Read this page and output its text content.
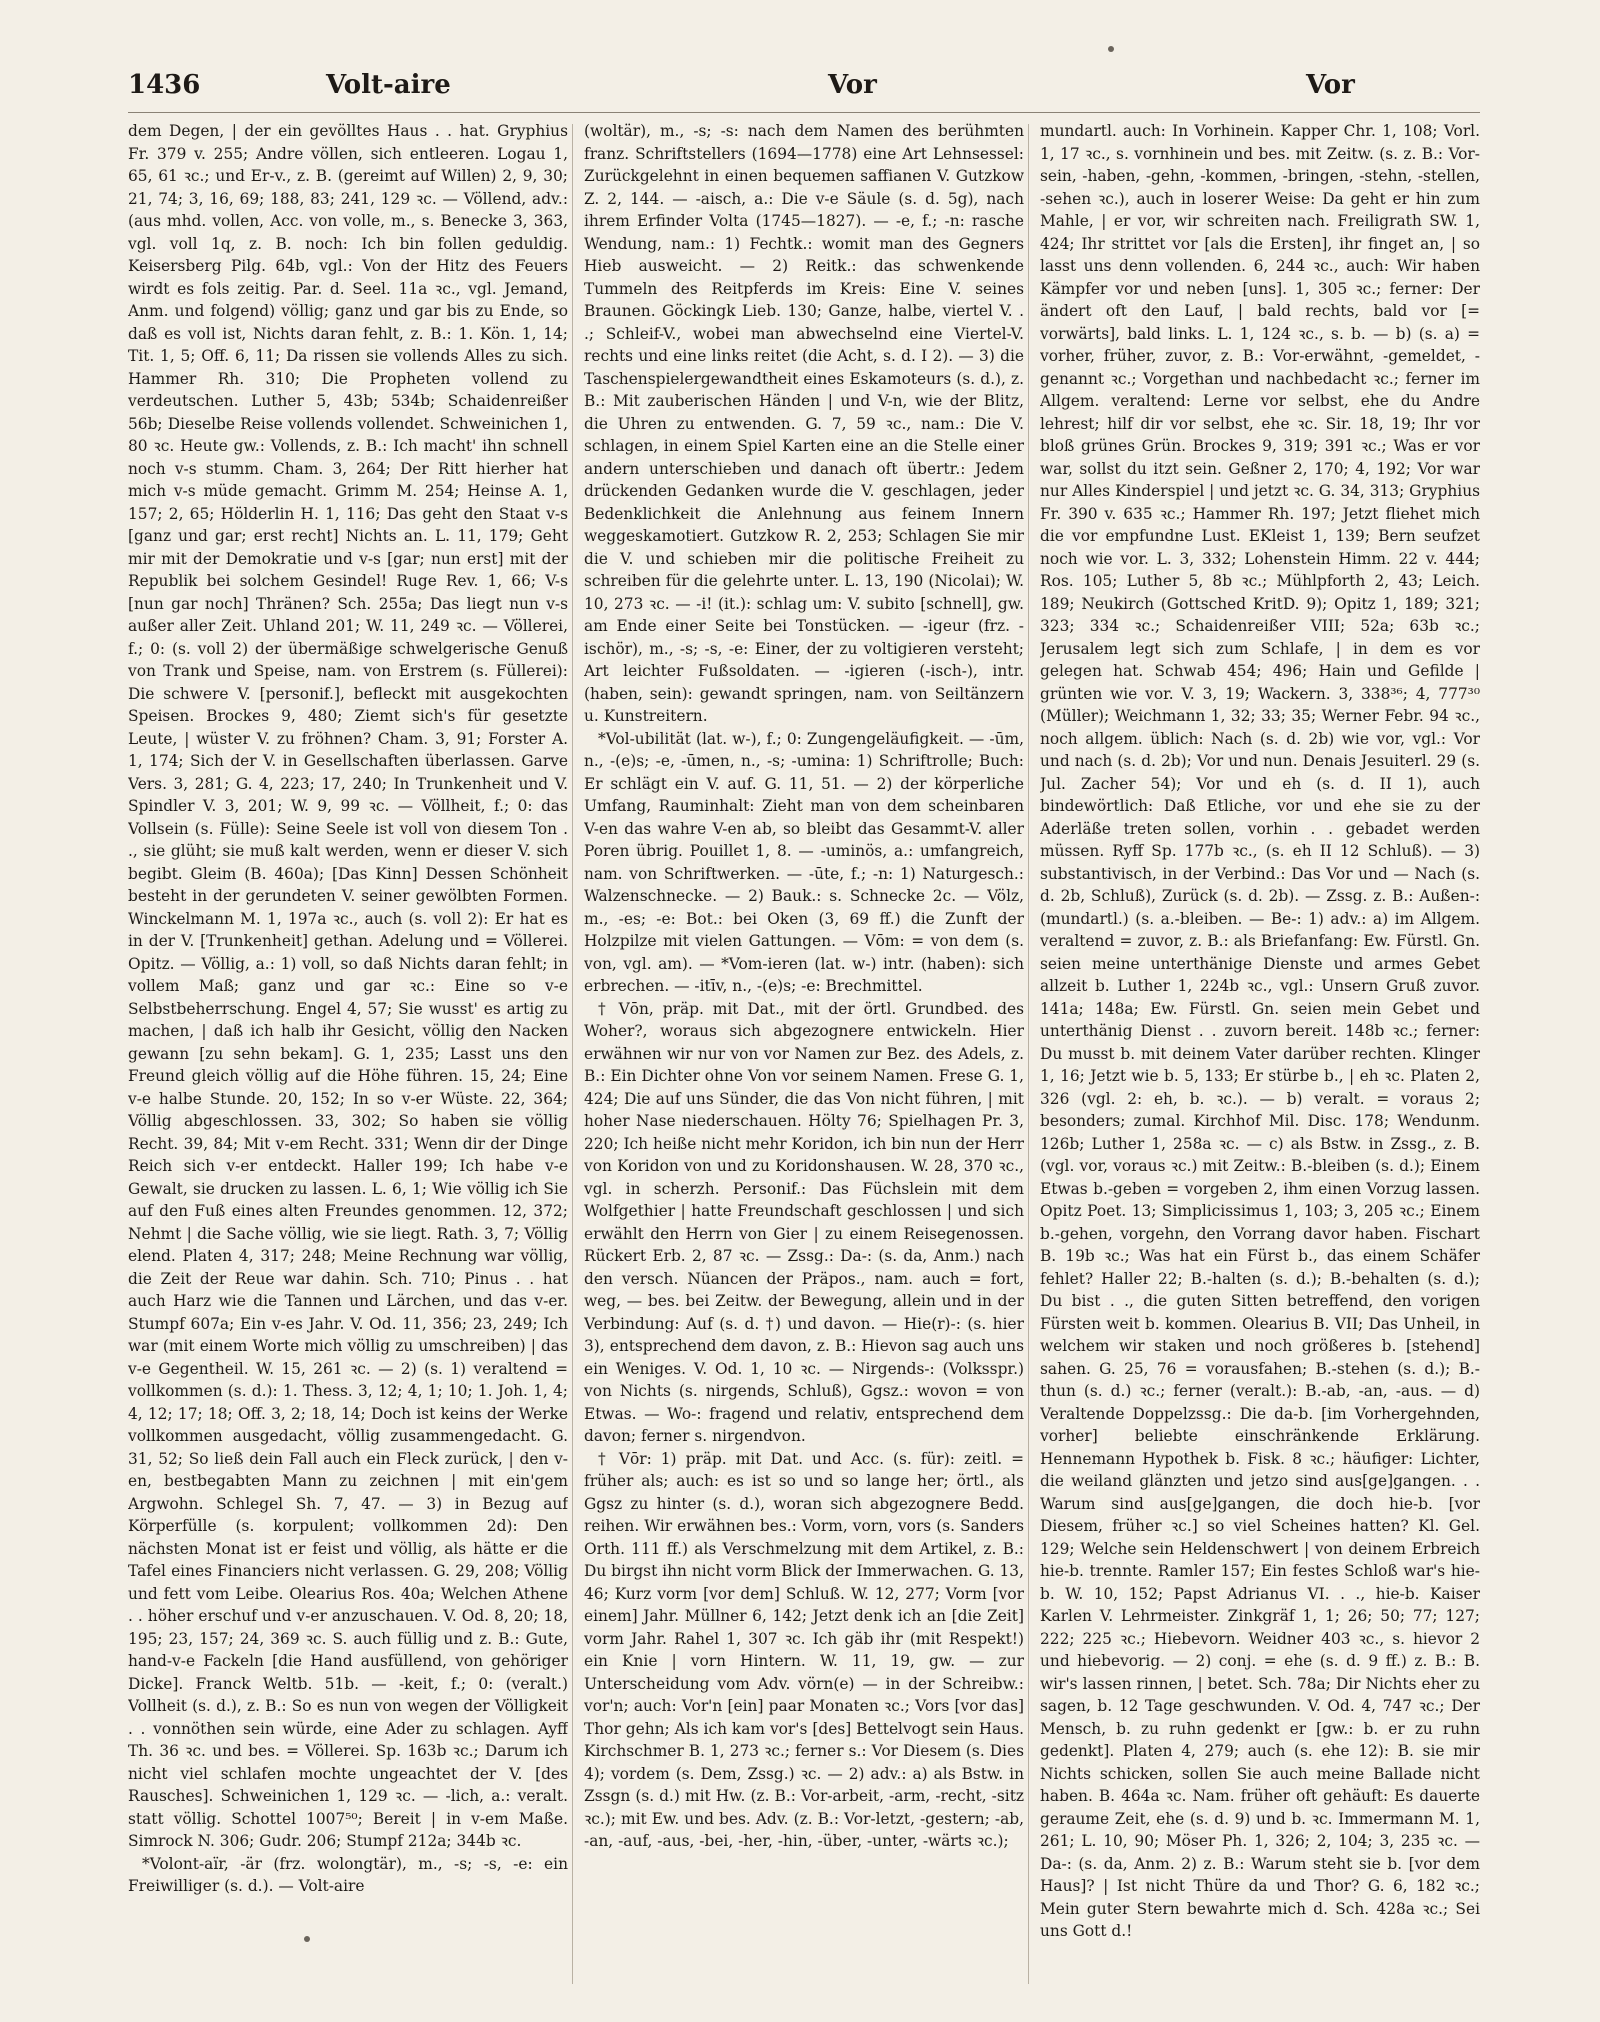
1436	Volt-aire	Vor	Vor

dem Degen, | der ein gevölltes Haus . . hat. Gryphius Fr. 379 v. 255; Andre völlen, sich entleeren. Logau 1, 65, 61 ꝛc.; und Er-v., z. B. (gereimt auf Willen) 2, 9, 30; 21, 74; 3, 16, 69; 188, 83; 241, 129 ꝛc. — Völlend, adv.: (aus mhd. vollen, Acc. von volle, m., s. Benecke 3, 363, vgl. voll 1q, z. B. noch: Ich bin follen geduldig. Keisersberg Pilg. 64b, vgl.: Von der Hitz des Feuers wirdt es fols zeitig. Par. d. Seel. 11a ꝛc., vgl. Jemand, Anm. und folgend) völlig; ganz und gar bis zu Ende, so daß es voll ist, Nichts daran fehlt, z. B.: 1. Kön. 1, 14; Tit. 1, 5; Off. 6, 11; Da rissen sie vollends Alles zu sich. Hammer Rh. 310; Die Propheten vollend zu verdeutschen. Luther 5, 43b; 534b; Schaidenreißer 56b; Dieselbe Reise vollends vollendet. Schweinichen 1, 80 ꝛc. Heute gw.: Vollends, z. B.: Ich macht' ihn schnell noch v-s stumm. Cham. 3, 264; Der Ritt hierher hat mich v-s müde gemacht. Grimm M. 254; Heinse A. 1, 157; 2, 65; Hölderlin H. 1, 116; Das geht den Staat v-s [ganz und gar; erst recht] Nichts an. L. 11, 179; Geht mir mit der Demokratie und v-s [gar; nun erst] mit der Republik bei solchem Gesindel! Ruge Rev. 1, 66; V-s [nun gar noch] Thränen? Sch. 255a; Das liegt nun v-s außer aller Zeit. Uhland 201; W. 11, 249 ꝛc. — Völlerei, f.; 0: (s. voll 2) der übermäßige schwelgerische Genuß von Trank und Speise, nam. von Erstrem (s. Füllerei): Die schwere V. [personif.], befleckt mit ausgekochten Speisen. Brockes 9, 480; Ziemt sich's für gesetzte Leute, | wüster V. zu fröhnen? Cham. 3, 91; Forster A. 1, 174; Sich der V. in Gesellschaften überlassen. Garve Vers. 3, 281; G. 4, 223; 17, 240; In Trunkenheit und V. Spindler V. 3, 201; W. 9, 99 ꝛc. — Völlheit, f.; 0: das Vollsein (s. Fülle): Seine Seele ist voll von diesem Ton . ., sie glüht; sie muß kalt werden, wenn er dieser V. sich begibt. Gleim (B. 460a); [Das Kinn] Dessen Schönheit besteht in der gerundeten V. seiner gewölbten Formen. Winckelmann M. 1, 197a ꝛc., auch (s. voll 2): Er hat es in der V. [Trunkenheit] gethan. Adelung und = Völlerei. Opitz. — Völlig, a.: 1) voll, so daß Nichts daran fehlt; in vollem Maß; ganz und gar ꝛc.: Eine so v-e Selbstbeherrschung. Engel 4, 57; Sie wusst' es artig zu machen, | daß ich halb ihr Gesicht, völlig den Nacken gewann [zu sehn bekam]. G. 1, 235; Lasst uns den Freund gleich völlig auf die Höhe führen. 15, 24; Eine v-e halbe Stunde. 20, 152; In so v-er Wüste. 22, 364; Völlig abgeschlossen. 33, 302; So haben sie völlig Recht. 39, 84; Mit v-em Recht. 331; Wenn dir der Dinge Reich sich v-er entdeckt. Haller 199; Ich habe v-e Gewalt, sie drucken zu lassen. L. 6, 1; Wie völlig ich Sie auf den Fuß eines alten Freundes genommen. 12, 372; Nehmt | die Sache völlig, wie sie liegt. Rath. 3, 7; Völlig elend. Platen 4, 317; 248; Meine Rechnung war völlig, die Zeit der Reue war dahin. Sch. 710; Pinus . . hat auch Harz wie die Tannen und Lärchen, und das v-er. Stumpf 607a; Ein v-es Jahr. V. Od. 11, 356; 23, 249; Ich war (mit einem Worte mich völlig zu umschreiben) | das v-e Gegentheil. W. 15, 261 ꝛc. — 2) (s. 1) veraltend = vollkommen (s. d.): 1. Thess. 3, 12; 4, 1; 10; 1. Joh. 1, 4; 4, 12; 17; 18; Off. 3, 2; 18, 14; Doch ist keins der Werke vollkommen ausgedacht, völlig zusammengedacht. G. 31, 52; So ließ dein Fall auch ein Fleck zurück, | den v-en, bestbegabten Mann zu zeichnen | mit ein'gem Argwohn. Schlegel Sh. 7, 47. — 3) in Bezug auf Körperfülle (s. korpulent; vollkommen 2d): Den nächsten Monat ist er feist und völlig, als hätte er die Tafel eines Financiers nicht verlassen. G. 29, 208; Völlig und fett vom Leibe. Olearius Ros. 40a; Welchen Athene . . höher erschuf und v-er anzuschauen. V. Od. 8, 20; 18, 195; 23, 157; 24, 369 ꝛc. S. auch füllig und z. B.: Gute, hand-v-e Fackeln [die Hand ausfüllend, von gehöriger Dicke]. Franck Weltb. 51b. — -keit, f.; 0: (veralt.) Vollheit (s. d.), z. B.: So es nun von wegen der Völligkeit . . vonnöthen sein würde, eine Ader zu schlagen. Ayff Th. 36 ꝛc. und bes. = Völlerei. Sp. 163b ꝛc.; Darum ich nicht viel schlafen mochte ungeachtet der V. [des Rausches]. Schweinichen 1, 129 ꝛc. — -lich, a.: veralt. statt völlig. Schottel 1007⁵⁰; Bereit | in v-em Maße. Simrock N. 306; Gudr. 206; Stumpf 212a; 344b ꝛc.

*Volont-aïr, -är (frz. wolongtär), m., -s; -s, -e: ein Freiwilliger (s. d.). — Volt-aire

(woltär), m., -s; -s: nach dem Namen des berühmten franz. Schriftstellers (1694—1778) eine Art Lehnsessel: Zurückgelehnt in einen bequemen saffianen V. Gutzkow Z. 2, 144. — -aisch, a.: Die v-e Säule (s. d. 5g), nach ihrem Erfinder Volta (1745—1827). — -e, f.; -n: rasche Wendung, nam.: 1) Fechtk.: womit man des Gegners Hieb ausweicht. — 2) Reitk.: das schwenkende Tummeln des Reitpferds im Kreis: Eine V. seines Braunen. Göckingk Lieb. 130; Ganze, halbe, viertel V. . .; Schleif-V., wobei man abwechselnd eine Viertel-V. rechts und eine links reitet (die Acht, s. d. I 2). — 3) die Taschenspielergewandtheit eines Eskamoteurs (s. d.), z. B.: Mit zauberischen Händen | und V-n, wie der Blitz, die Uhren zu entwenden. G. 7, 59 ꝛc., nam.: Die V. schlagen, in einem Spiel Karten eine an die Stelle einer andern unterschieben und danach oft übertr.: Jedem drückenden Gedanken wurde die V. geschlagen, jeder Bedenklichkeit die Anlehnung aus feinem Innern weggeskamotiert. Gutzkow R. 2, 253; Schlagen Sie mir die V. und schieben mir die politische Freiheit zu schreiben für die gelehrte unter. L. 13, 190 (Nicolai); W. 10, 273 ꝛc. — -i! (it.): schlag um: V. subito [schnell], gw. am Ende einer Seite bei Tonstücken. — -igeur (frz. -ischör), m., -s; -s, -e: Einer, der zu voltigieren versteht; Art leichter Fußsoldaten. — -igieren (-isch-), intr. (haben, sein): gewandt springen, nam. von Seiltänzern u. Kunstreitern.

*Vol-ubilität (lat. w-), f.; 0: Zungengeläufigkeit. — -ūm, n., -(e)s; -e, -ūmen, n., -s; -umina: 1) Schriftrolle; Buch: Er schlägt ein V. auf. G. 11, 51. — 2) der körperliche Umfang, Rauminhalt: Zieht man von dem scheinbaren V-en das wahre V-en ab, so bleibt das Gesammt-V. aller Poren übrig. Pouillet 1, 8. — -uminös, a.: umfangreich, nam. von Schriftwerken. — -ūte, f.; -n: 1) Naturgesch.: Walzenschnecke. — 2) Bauk.: s. Schnecke 2c. — Völz, m., -es; -e: Bot.: bei Oken (3, 69 ff.) die Zunft der Holzpilze mit vielen Gattungen. — Vōm: = von dem (s. von, vgl. am). — *Vom-ieren (lat. w-) intr. (haben): sich erbrechen. — -itīv, n., -(e)s; -e: Brechmittel.

† Vōn, präp. mit Dat., mit der örtl. Grundbed. des Woher?, woraus sich abgezognere entwickeln. Hier erwähnen wir nur von vor Namen zur Bez. des Adels, z. B.: Ein Dichter ohne Von vor seinem Namen. Frese G. 1, 424; Die auf uns Sünder, die das Von nicht führen, | mit hoher Nase niederschauen. Hölty 76; Spielhagen Pr. 3, 220; Ich heiße nicht mehr Koridon, ich bin nun der Herr von Koridon von und zu Koridonshausen. W. 28, 370 ꝛc., vgl. in scherzh. Personif.: Das Füchslein mit dem Wolfgethier | hatte Freundschaft geschlossen | und sich erwählt den Herrn von Gier | zu einem Reisegenossen. Rückert Erb. 2, 87 ꝛc. — Zssg.: Da-: (s. da, Anm.) nach den versch. Nüancen der Präpos., nam. auch = fort, weg, — bes. bei Zeitw. der Bewegung, allein und in der Verbindung: Auf (s. d. †) und davon. — Hie(r)-: (s. hier 3), entsprechend dem davon, z. B.: Hievon sag auch uns ein Weniges. V. Od. 1, 10 ꝛc. — Nirgends-: (Volksspr.) von Nichts (s. nirgends, Schluß), Ggsz.: wovon = von Etwas. — Wo-: fragend und relativ, entsprechend dem davon; ferner s. nirgendvon.

† Vōr: 1) präp. mit Dat. und Acc. (s. für): zeitl. = früher als; auch: es ist so und so lange her; örtl., als Ggsz zu hinter (s. d.), woran sich abgezognere Bedd. reihen. Wir erwähnen bes.: Vorm, vorn, vors (s. Sanders Orth. 111 ff.) als Verschmelzung mit dem Artikel, z. B.: Du birgst ihn nicht vorm Blick der Immerwachen. G. 13, 46; Kurz vorm [vor dem] Schluß. W. 12, 277; Vorm [vor einem] Jahr. Müllner 6, 142; Jetzt denk ich an [die Zeit] vorm Jahr. Rahel 1, 307 ꝛc. Ich gäb ihr (mit Respekt!) ein Knie | vorn Hintern. W. 11, 19, gw. — zur Unterscheidung vom Adv. vörn(e) — in der Schreibw.: vor'n; auch: Vor'n [ein] paar Monaten ꝛc.; Vors [vor das] Thor gehn; Als ich kam vor's [des] Bettelvogt sein Haus. Kirchschmer B. 1, 273 ꝛc.; ferner s.: Vor Diesem (s. Dies 4); vordem (s. Dem, Zssg.) ꝛc. — 2) adv.: a) als Bstw. in Zssgn (s. d.) mit Hw. (z. B.: Vor-arbeit, -arm, -recht, -sitz ꝛc.); mit Ew. und bes. Adv. (z. B.: Vor-letzt, -gestern; -ab, -an, -auf, -aus, -bei, -her, -hin, -über, -unter, -wärts ꝛc.);

mundartl. auch: In Vorhinein. Kapper Chr. 1, 108; Vorl. 1, 17 ꝛc., s. vornhinein und bes. mit Zeitw. (s. z. B.: Vor-sein, -haben, -gehn, -kommen, -bringen, -stehn, -stellen, -sehen ꝛc.), auch in loserer Weise: Da geht er hin zum Mahle, | er vor, wir schreiten nach. Freiligrath SW. 1, 424; Ihr strittet vor [als die Ersten], ihr finget an, | so lasst uns denn vollenden. 6, 244 ꝛc., auch: Wir haben Kämpfer vor und neben [uns]. 1, 305 ꝛc.; ferner: Der ändert oft den Lauf, | bald rechts, bald vor [= vorwärts], bald links. L. 1, 124 ꝛc., s. b. — b) (s. a) = vorher, früher, zuvor, z. B.: Vor-erwähnt, -gemeldet, -genannt ꝛc.; Vorgethan und nachbedacht ꝛc.; ferner im Allgem. veraltend: Lerne vor selbst, ehe du Andre lehrest; hilf dir vor selbst, ehe ꝛc. Sir. 18, 19; Ihr vor bloß grünes Grün. Brockes 9, 319; 391 ꝛc.; Was er vor war, sollst du itzt sein. Geßner 2, 170; 4, 192; Vor war nur Alles Kinderspiel | und jetzt ꝛc. G. 34, 313; Gryphius Fr. 390 v. 635 ꝛc.; Hammer Rh. 197; Jetzt fliehet mich die vor empfundne Lust. EKleist 1, 139; Bern seufzet noch wie vor. L. 3, 332; Lohenstein Himm. 22 v. 444; Ros. 105; Luther 5, 8b ꝛc.; Mühlpforth 2, 43; Leich. 189; Neukirch (Gottsched KritD. 9); Opitz 1, 189; 321; 323; 334 ꝛc.; Schaidenreißer VIII; 52a; 63b ꝛc.; Jerusalem legt sich zum Schlafe, | in dem es vor gelegen hat. Schwab 454; 496; Hain und Gefilde | grünten wie vor. V. 3, 19; Wackern. 3, 338³⁶; 4, 777³⁰ (Müller); Weichmann 1, 32; 33; 35; Werner Febr. 94 ꝛc., noch allgem. üblich: Nach (s. d. 2b) wie vor, vgl.: Vor und nach (s. d. 2b); Vor und nun. Denais Jesuiterl. 29 (s. Jul. Zacher 54); Vor und eh (s. d. II 1), auch bindewörtlich: Daß Etliche, vor und ehe sie zu der Aderläße treten sollen, vorhin . . gebadet werden müssen. Ryff Sp. 177b ꝛc., (s. eh II 12 Schluß). — 3) substantivisch, in der Verbind.: Das Vor und — Nach (s. d. 2b, Schluß), Zurück (s. d. 2b). — Zssg. z. B.: Außen-: (mundartl.) (s. a.-bleiben. — Be-: 1) adv.: a) im Allgem. veraltend = zuvor, z. B.: als Briefanfang: Ew. Fürstl. Gn. seien meine unterthänige Dienste und armes Gebet allzeit b. Luther 1, 224b ꝛc., vgl.: Unsern Gruß zuvor. 141a; 148a; Ew. Fürstl. Gn. seien mein Gebet und unterthänig Dienst . . zuvorn bereit. 148b ꝛc.; ferner: Du musst b. mit deinem Vater darüber rechten. Klinger 1, 16; Jetzt wie b. 5, 133; Er stürbe b., | eh ꝛc. Platen 2, 326 (vgl. 2: eh, b. ꝛc.). — b) veralt. = voraus 2; besonders; zumal. Kirchhof Mil. Disc. 178; Wendunm. 126b; Luther 1, 258a ꝛc. — c) als Bstw. in Zssg., z. B. (vgl. vor, voraus ꝛc.) mit Zeitw.: B.-bleiben (s. d.); Einem Etwas b.-geben = vorgeben 2, ihm einen Vorzug lassen. Opitz Poet. 13; Simplicissimus 1, 103; 3, 205 ꝛc.; Einem b.-gehen, vorgehn, den Vorrang davor haben. Fischart B. 19b ꝛc.; Was hat ein Fürst b., das einem Schäfer fehlet? Haller 22; B.-halten (s. d.); B.-behalten (s. d.); Du bist . ., die guten Sitten betreffend, den vorigen Fürsten weit b. kommen. Olearius B. VII; Das Unheil, in welchem wir staken und noch größeres b. [stehend] sahen. G. 25, 76 = vorausfahen; B.-stehen (s. d.); B.-thun (s. d.) ꝛc.; ferner (veralt.): B.-ab, -an, -aus. — d) Veraltende Doppelzssg.: Die da-b. [im Vorhergehnden, vorher] beliebte einschränkende Erklärung. Hennemann Hypothek b. Fisk. 8 ꝛc.; häufiger: Lichter, die weiland glänzten und jetzo sind aus[ge]gangen. . . Warum sind aus[ge]gangen, die doch hie-b. [vor Diesem, früher ꝛc.] so viel Scheines hatten? Kl. Gel. 129; Welche sein Heldenschwert | von deinem Erbreich hie-b. trennte. Ramler 157; Ein festes Schloß war's hie-b. W. 10, 152; Papst Adrianus VI. . ., hie-b. Kaiser Karlen V. Lehrmeister. Zinkgräf 1, 1; 26; 50; 77; 127; 222; 225 ꝛc.; Hiebevorn. Weidner 403 ꝛc., s. hievor 2 und hiebevorig. — 2) conj. = ehe (s. d. 9 ff.) z. B.: B. wir's lassen rinnen, | betet. Sch. 78a; Dir Nichts eher zu sagen, b. 12 Tage geschwunden. V. Od. 4, 747 ꝛc.; Der Mensch, b. zu ruhn gedenkt er [gw.: b. er zu ruhn gedenkt]. Platen 4, 279; auch (s. ehe 12): B. sie mir Nichts schicken, sollen Sie auch meine Ballade nicht haben. B. 464a ꝛc. Nam. früher oft gehäuft: Es dauerte geraume Zeit, ehe (s. d. 9) und b. ꝛc. Immermann M. 1, 261; L. 10, 90; Möser Ph. 1, 326; 2, 104; 3, 235 ꝛc. — Da-: (s. da, Anm. 2) z. B.: Warum steht sie b. [vor dem Haus]? | Ist nicht Thüre da und Thor? G. 6, 182 ꝛc.; Mein guter Stern bewahrte mich d. Sch. 428a ꝛc.; Sei uns Gott d.!
